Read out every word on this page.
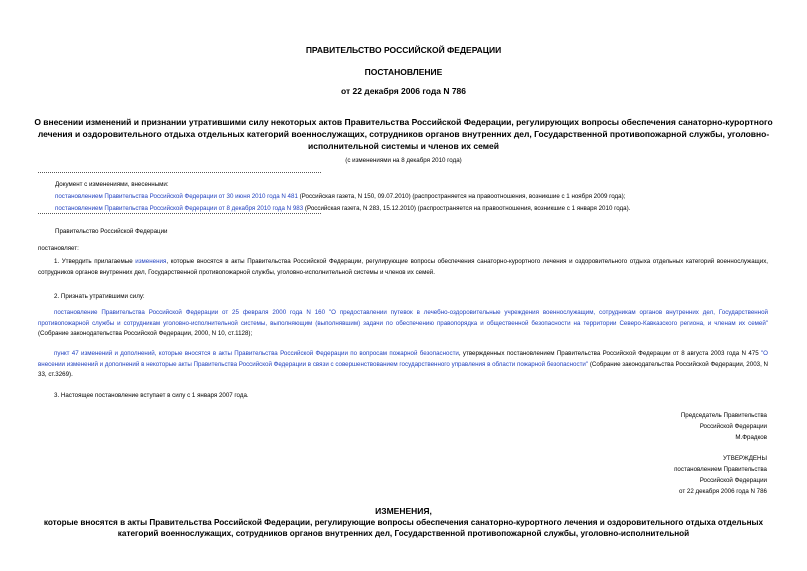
ПРАВИТЕЛЬСТВО РОССИЙСКОЙ ФЕДЕРАЦИИ
ПОСТАНОВЛЕНИЕ
от 22 декабря 2006 года N 786
О внесении изменений и признании утратившими силу некоторых актов Правительства Российской Федерации, регулирующих вопросы обеспечения санаторно-курортного лечения и оздоровительного отдыха отдельных категорий военнослужащих, сотрудников органов внутренних дел, Государственной противопожарной службы, уголовно-исполнительной системы и членов их семей
(с изменениями на 8 декабря 2010 года)
Документ с изменениями, внесенными:
постановлением Правительства Российской Федерации от 30 июня 2010 года N 481 (Российская газета, N 150, 09.07.2010) (распространяется на правоотношения, возникшие с 1 ноября 2009 года);
постановлением Правительства Российской Федерации от 8 декабря 2010 года N 983 (Российская газета, N 283, 15.12.2010) (распространяется на правоотношения, возникшие с 1 января 2010 года).
Правительство Российской Федерации
постановляет:
1. Утвердить прилагаемые изменения, которые вносятся в акты Правительства Российской Федерации, регулирующие вопросы обеспечения санаторно-курортного лечения и оздоровительного отдыха отдельных категорий военнослужащих, сотрудников органов внутренних дел, Государственной противопожарной службы, уголовно-исполнительной системы и членов их семей.
2. Признать утратившими силу:
постановление Правительства Российской Федерации от 25 февраля 2000 года N 160 "О предоставлении путевок в лечебно-оздоровительные учреждения военнослужащим, сотрудникам органов внутренних дел, Государственной противопожарной службы и сотрудникам уголовно-исполнительной системы, выполняющим (выполнявшим) задачи по обеспечению правопорядка и общественной безопасности на территории Северо-Кавказского региона, и членам их семей" (Собрание законодательства Российской Федерации, 2000, N 10, ст.1128);
пункт 47 изменений и дополнений, которые вносятся в акты Правительства Российской Федерации по вопросам пожарной безопасности, утвержденных постановлением Правительства Российской Федерации от 8 августа 2003 года N 475 "О внесении изменений и дополнений в некоторые акты Правительства Российской Федерации в связи с совершенствованием государственного управления в области пожарной безопасности" (Собрание законодательства Российской Федерации, 2003, N 33, ст.3269).
3. Настоящее постановление вступает в силу с 1 января 2007 года.
Председатель Правительства
Российской Федерации
М.Фрадков
УТВЕРЖДЕНЫ
постановлением Правительства
Российской Федерации
от 22 декабря 2006 года N 786
ИЗМЕНЕНИЯ,
которые вносятся в акты Правительства Российской Федерации, регулирующие вопросы обеспечения санаторно-курортного лечения и оздоровительного отдыха отдельных категорий военнослужащих, сотрудников органов внутренних дел, Государственной противопожарной службы, уголовно-исполнительной
